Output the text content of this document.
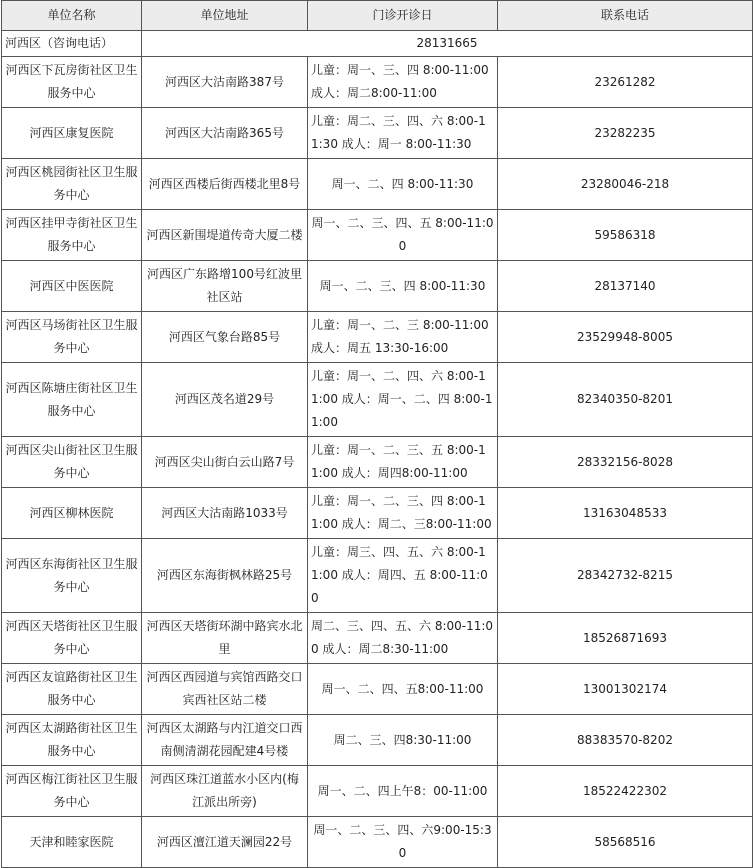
单位名称	单位地址	门诊开诊日	联系电话
河西区（咨询电话）	28131665		
河西区下瓦房街社区卫生服务中心	河西区大沽南路387号	儿童：周一、三、四 8:00-11:00 成人：周二8:00-11:00	23261282
河西区康复医院	河西区大沽南路365号	儿童：周二、三、四、六 8:00-11:30 成人：周一 8:00-11:30	23282235
河西区桃园街社区卫生服务中心	河西区西楼后街西楼北里8号	周一、二、四 8:00-11:30	23280046-218
河西区挂甲寺街社区卫生服务中心	河西区新围堤道传奇大厦二楼	周一、二、三、四、五 8:00-11:00	59586318
河西区中医医院	河西区广东路增100号红波里社区站	周一、二、三、四 8:00-11:30	28137140
河西区马场街社区卫生服务中心	河西区气象台路85号	儿童：周一、二、三 8:00-11:00 成人：周五 13:30-16:00	23529948-8005
河西区陈塘庄街社区卫生服务中心	河西区茂名道29号	儿童：周一、二、四、六 8:00-11:00 成人：周一、二、四 8:00-11:00	82340350-8201
河西区尖山街社区卫生服务中心	河西区尖山街白云山路7号	儿童：周一、二、三、五 8:00-11:00 成人：周四8:00-11:00	28332156-8028
河西区柳林医院	河西区大沽南路1033号	儿童：周一、二、三、四 8:00-11:00 成人：周二、三8:00-11:00	13163048533
河西区东海街社区卫生服务中心	河西区东海街枫林路25号	儿童：周三、四、五、六 8:00-11:00 成人：周四、五 8:00-11:00	28342732-8215
河西区天塔街社区卫生服务中心	河西区天塔街环湖中路宾水北里	周二、三、四、五、六 8:00-11:00 成人：周二8:30-11:00	18526871693
河西区友谊路街社区卫生服务中心	河西区西园道与宾馆西路交口宾西社区站二楼	周一、二、四、五8:00-11:00	13001302174
河西区太湖路街社区卫生服务中心	河西区太湖路与内江道交口西南侧清湖花园配建4号楼	周二、三、四8:30-11:00	88383570-8202
河西区梅江街社区卫生服务中心	河西区珠江道蓝水小区内(梅江派出所旁)	周一、二、四上午8：00-11:00	18522422302
天津和睦家医院	河西区澶江道天澜园22号	周一、二、三、四、六9:00-15:30	58568516
